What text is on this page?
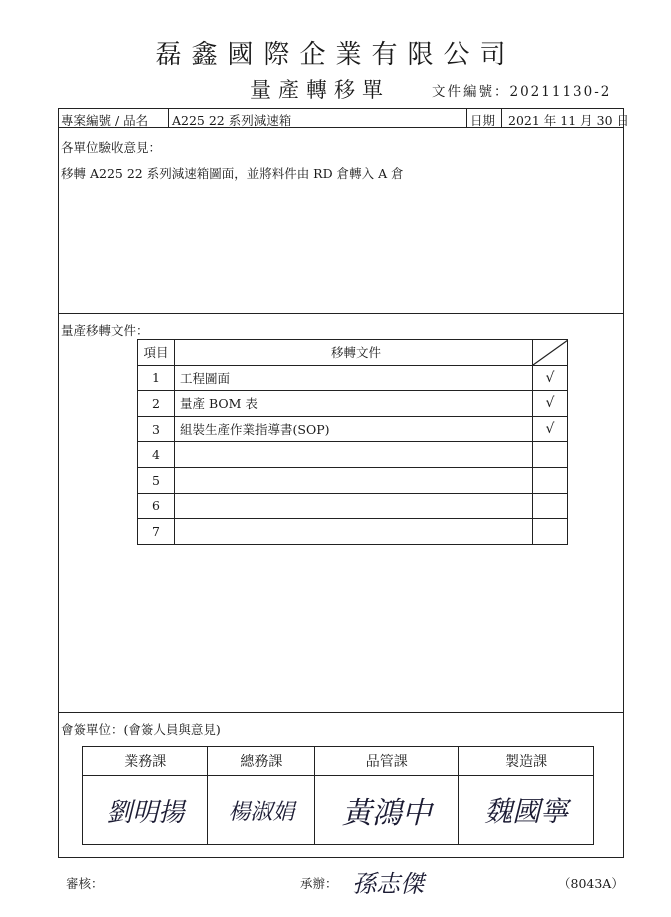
磊鑫國際企業有限公司
量產轉移單	文件編號：20211130-2
專案編號 / 品名 A225 22 系列減速箱	日期 2021 年 11 月 30 日
各單位驗收意見：
移轉 A225 22 系列減速箱圖面，並將料件由 RD 倉轉入 A 倉
量產移轉文件：
項目	移轉文件	

1	工程圖面	√
2	量產 BOM 表	√
3	組裝生產作業指導書(SOP)	√
4		
5		
6		
7		
會簽單位：(會簽人員與意見)
業務課	總務課	品管課	製造課
劉明揚	楊淑娟	黃鴻中	魏國寧
審核：	承辦： 孫志傑	（8043A）
